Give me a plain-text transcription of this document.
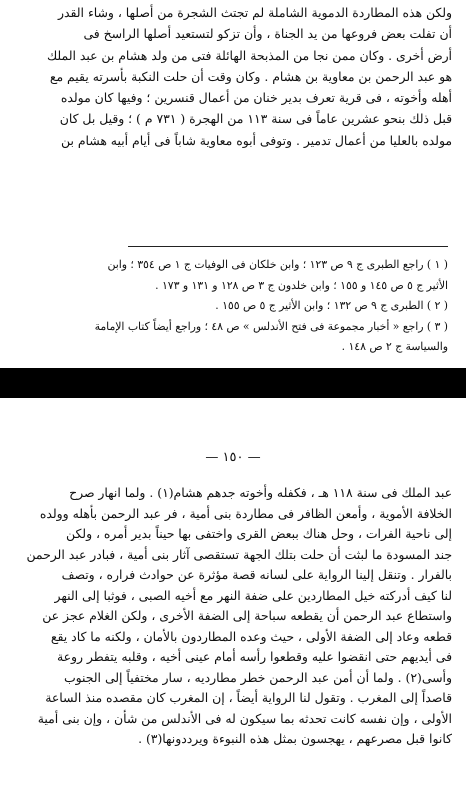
ولكن هذه المطاردة الدموية الشاملة لم تجتث الشجرة من أصلها ، وشاء القدر
أن تفلت بعض فروعها من يد الجناة ، وأن تزكو لتستعيد أصلها الراسخ فى
أرض أخرى . وكان ممن نجا من المذبحة الهائلة فتى من ولد هشام بن عبد الملك
هو عبد الرحمن بن معاوية بن هشام . وكان وقت أن حلت النكبة بأسرته يقيم مع
أهله وأخوته ، فى قرية تعرف بدير خنان من أعمال قنسرين ؛ وفيها كان مولده
قبل ذلك بنحو عشرين عاماً فى سنة ١١٣ من الهجرة ( ٧٣١ م ) ؛ وقيل بل كان
مولده بالعليا من أعمال تدمير . وتوفى أبوه معاوية شاباً فى أيام أبيه هشام بن
( ١ ) راجع الطبرى ج ٩ ص ١٢٣ ؛ وابن خلكان فى الوفيات ج ١ ص ٣٥٤ ؛ وابن
الأثير ج ٥ ص ١٤٥ و ١٥٥ ؛ وابن خلدون ج ٣ ص ١٢٨ و ١٣١ و ١٧٣ .
( ٢ ) الطبرى ج ٩ ص ١٣٢ ؛ وابن الأثير ج ٥ ص ١٥٥ .
( ٣ ) راجع « أخبار مجموعة فى فتح الأندلس » ص ٤٨ ؛ وراجع أيضاً كتاب الإمامة
والسياسة ج ٢ ص ١٤٨ .
— ١٥٠ —
عبد الملك فى سنة ١١٨ هـ ، فكفله وأخوته جدهم هشام(١) . ولما انهار صرح
الخلافة الأموية ، وأمعن الظافر فى مطاردة بنى أمية ، فر عبد الرحمن بأهله وولده
إلى ناحية الفرات ، وحل هناك ببعض القرى واختفى بها حيناً بدير أمره ، ولكن
جند المسودة ما لبثت أن حلت بتلك الجهة تستقصى آثار بنى أمية ، فبادر عبد الرحمن
بالفرار . وتنقل إلينا الرواية على لسانه قصة مؤثرة عن حوادث فراره ، وتصف
لنا كيف أدركته خيل المطاردين على ضفة النهر مع أخيه الصبى ، فوثبا إلى النهر
واستطاع عبد الرحمن أن يقطعه سباحة إلى الضفة الأخرى ، ولكن الغلام عجز عن
قطعه وعاد إلى الضفة الأولى ، حيث وعده المطاردون بالأمان ، ولكنه ما كاد يقع
فى أيديهم حتى انقضوا عليه وقطعوا رأسه أمام عينى أخيه ، وقلبه يتفطر روعة
وأسى(٢) . ولما أن أمن عبد الرحمن خطر مطارديه ، سار مختفياً إلى الجنوب
قاصداً إلى المغرب . وتقول لنا الرواية أيضاً ، إن المغرب كان مقصده منذ الساعة
الأولى ، وإن نفسه كانت تحدثه بما سيكون له فى الأندلس من شأن ، وإن بنى أمية
كانوا قبل مصرعهم ، يهجسون بمثل هذه النبوءة ويرددونها(٣) .
